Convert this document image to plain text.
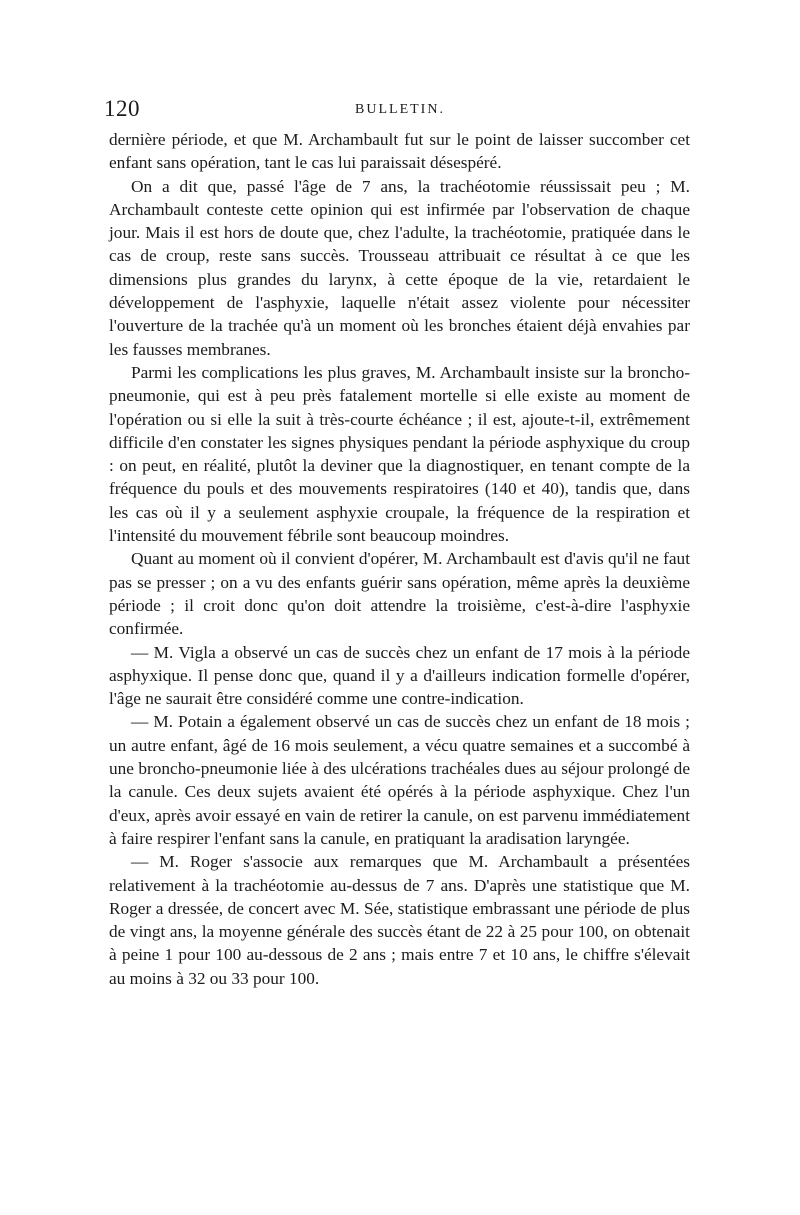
120	BULLETIN.

dernière période, et que M. Archambault fut sur le point de laisser succomber cet enfant sans opération, tant le cas lui paraissait désespéré.

On a dit que, passé l'âge de 7 ans, la trachéotomie réussissait peu ; M. Archambault conteste cette opinion qui est infirmée par l'observation de chaque jour. Mais il est hors de doute que, chez l'adulte, la trachéotomie, pratiquée dans le cas de croup, reste sans succès. Trousseau attribuait ce résultat à ce que les dimensions plus grandes du larynx, à cette époque de la vie, retardaient le développement de l'asphyxie, laquelle n'était assez violente pour nécessiter l'ouverture de la trachée qu'à un moment où les bronches étaient déjà envahies par les fausses membranes.

Parmi les complications les plus graves, M. Archambault insiste sur la broncho-pneumonie, qui est à peu près fatalement mortelle si elle existe au moment de l'opération ou si elle la suit à très-courte échéance ; il est, ajoute-t-il, extrêmement difficile d'en constater les signes physiques pendant la période asphyxique du croup : on peut, en réalité, plutôt la deviner que la diagnostiquer, en tenant compte de la fréquence du pouls et des mouvements respiratoires (140 et 40), tandis que, dans les cas où il y a seulement asphyxie croupale, la fréquence de la respiration et l'intensité du mouvement fébrile sont beaucoup moindres.

Quant au moment où il convient d'opérer, M. Archambault est d'avis qu'il ne faut pas se presser ; on a vu des enfants guérir sans opération, même après la deuxième période ; il croit donc qu'on doit attendre la troisième, c'est-à-dire l'asphyxie confirmée.

— M. Vigla a observé un cas de succès chez un enfant de 17 mois à la période asphyxique. Il pense donc que, quand il y a d'ailleurs indication formelle d'opérer, l'âge ne saurait être considéré comme une contre-indication.

— M. Potain a également observé un cas de succès chez un enfant de 18 mois ; un autre enfant, âgé de 16 mois seulement, a vécu quatre semaines et a succombé à une broncho-pneumonie liée à des ulcérations trachéales dues au séjour prolongé de la canule. Ces deux sujets avaient été opérés à la période asphyxique. Chez l'un d'eux, après avoir essayé en vain de retirer la canule, on est parvenu immédiatement à faire respirer l'enfant sans la canule, en pratiquant la aradisation laryngée.

— M. Roger s'associe aux remarques que M. Archambault a présentées relativement à la trachéotomie au-dessus de 7 ans. D'après une statistique que M. Roger a dressée, de concert avec M. Sée, statistique embrassant une période de plus de vingt ans, la moyenne générale des succès étant de 22 à 25 pour 100, on obtenait à peine 1 pour 100 au-dessous de 2 ans ; mais entre 7 et 10 ans, le chiffre s'élevait au moins à 32 ou 33 pour 100.
